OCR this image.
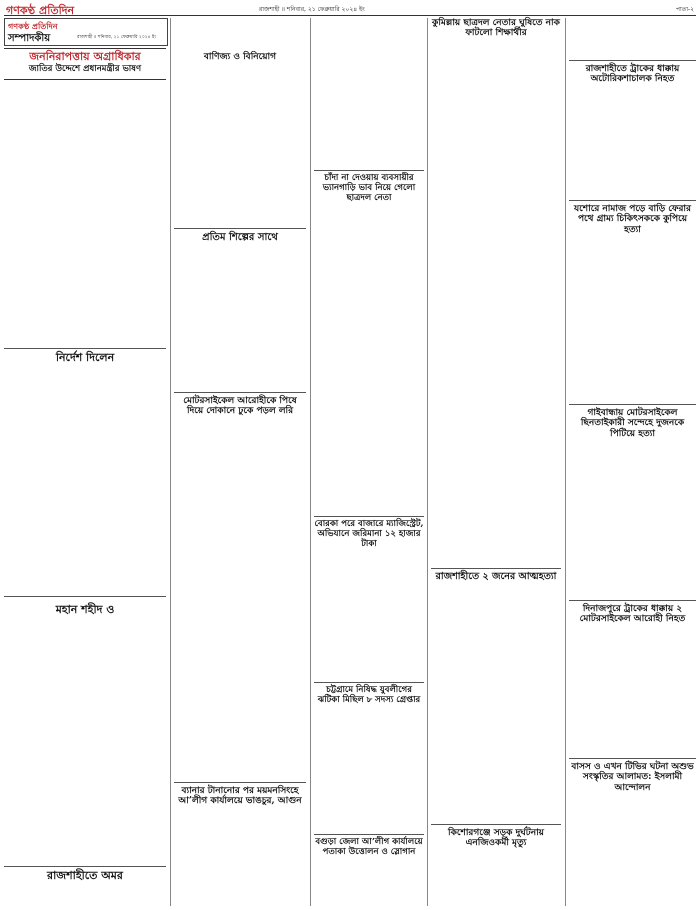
গণকণ্ঠ প্রতিদিন	রাজশাহী ॥ শনিবার, ২১ ফেব্রুয়ারি ২০২৪ ইং	পাতা-২
গণকণ্ঠ প্রতিদিন
সম্পাদকীয়	রাজশাহী ॥ শনিবার, ২১ ফেব্রুয়ারি ২০২৪ ইং
জননিরাপত্তায় অগ্রাধিকার
জাতির উদ্দেশে প্রধানমন্ত্রীর ভাষণ
নির্দেশ দিলেন
মহান শহীদ ও
রাজশাহীতে অমর
বাণিজ্য ও বিনিয়োগ
প্রতিম শিল্পের সাথে
মোটরসাইকেল আরোহীকে পিষে দিয়ে দোকানে ঢুকে পড়ল লরি
ব্যানার টানানোর পর ময়মনসিংহে আ’লীগ কার্যালয়ে ভাঙচুর, আগুন
চাঁদা না দেওয়ায় ব্যবসায়ীর ভ্যানগাড়ি ভাব নিয়ে গেলো ছাত্রদল নেতা
বোরকা পরে বাজারে ম্যাজিস্ট্রেট, অভিযানে জরিমানা ১২ হাজার টাকা
চট্টগ্রামে নিষিদ্ধ যুবলীগের ঝটিকা মিছিল ৮ সদস্য গ্রেপ্তার
বগুড়া জেলা আ’লীগ কার্যালয়ে পতাকা উত্তোলন ও স্লোগান
কুমিল্লায় ছাত্রদল নেতার ঘুষিতে নাক ফাটলো শিক্ষার্থীর
রাজশাহীতে ২ জনের আত্মহত্যা
কিশোরগঞ্জে সড়ক দুর্ঘটনায় এনজিওকর্মী মৃত্যু
রাজশাহীতে ট্রাকের ধাক্কায় অটোরিকশাচালক নিহত
যশোরে নামাজ পড়ে বাড়ি ফেরার পথে গ্রাম্য চিকিৎসককে কুপিয়ে হত্যা
গাইবান্ধায় মোটরসাইকেল ছিনতাইকারী সন্দেহে দুজনকে পিটিয়ে হত্যা
দিনাজপুরে ট্রাকের ধাক্কায় ২ মোটরসাইকেল আরোহী নিহত
বাসস ও এখন টিভির ঘটনা অশুভ সংস্কৃতির আলামত: ইসলামী আন্দোলন
